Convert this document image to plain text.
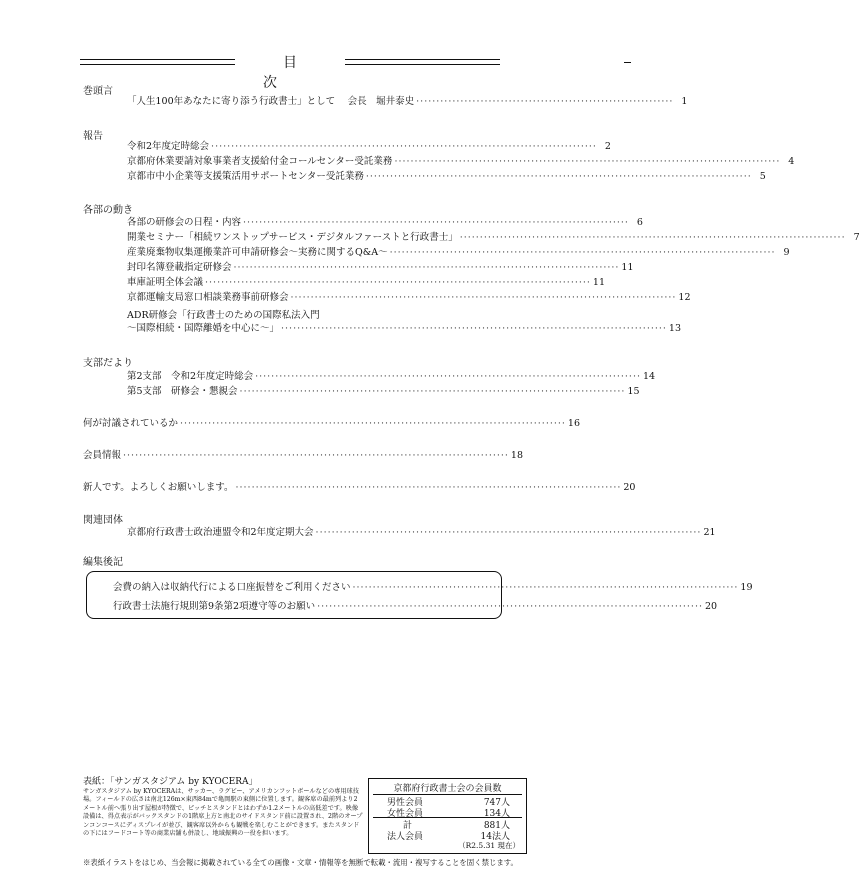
目次
巻頭言
「人生100年あなたに寄り添う行政書士」として　 会長　堀井泰史 ································································ 1
報告
令和2年度定時総会 ································································································ 2
京都府休業要請対象事業者支援給付金コールセンター受託業務 ································································································ 4
京都市中小企業等支援策活用サポートセンター受託業務 ································································································ 5
各部の動き
各部の研修会の日程・内容 ································································································ 6
開業セミナー「相続ワンストップサービス・デジタルファーストと行政書士」 ································································································ 7
産業廃棄物収集運搬業許可申請研修会～実務に関するQ&A～ ································································································ 9
封印名簿登載指定研修会 ································································································ 11
車庫証明全体会議 ································································································ 11
京都運輸支局窓口相談業務事前研修会 ································································································ 12
ADR研修会「行政書士のための国際私法入門
～国際相続・国際離婚を中心に～」 ································································································ 13
支部だより
第2支部　令和2年度定時総会 ································································································ 14
第5支部　研修会・懇親会 ································································································ 15
何が討議されているか ································································································ 16
会員情報 ································································································ 18
新人です。よろしくお願いします。 ································································································ 20
関連団体
京都府行政書士政治連盟令和2年度定期大会 ································································································ 21
編集後記
会費の納入は収納代行による口座振替をご利用ください ································································································ 19
行政書士法施行規則第9条第2項遵守等のお願い ································································································ 20
表紙：「サンガスタジアム by KYOCERA」
サンガスタジアム by KYOCERAは、サッカー、ラグビー、アメリカンフットボールなどの専用球技場。フィールドの広さは南北126m×東西84mで亀岡駅の東側に位置します。観客席の最前列より2メートル前へ張り出す屋根が特徴で、ピッチとスタンドとはわずか1.2メートルの高低差です。映像設備は、得点表示がバックスタンドの1階席上方と南北のサイドスタンド前に設置され、2階のオープンコンコースにディスプレイが並び、観客席以外からも観戦を楽しむことができます。またスタンドの下にはフードコート等の商業店舗も併設し、地域振興の一役を担います。
※表紙イラストをはじめ、当会報に掲載されている全ての画像・文章・情報等を無断で転載・流用・複写することを固く禁じます。
京都府行政書士会の会員数
男性会員	747人
女性会員	134人
計	881人
法人会員	14法人
（R2.5.31 現在）
